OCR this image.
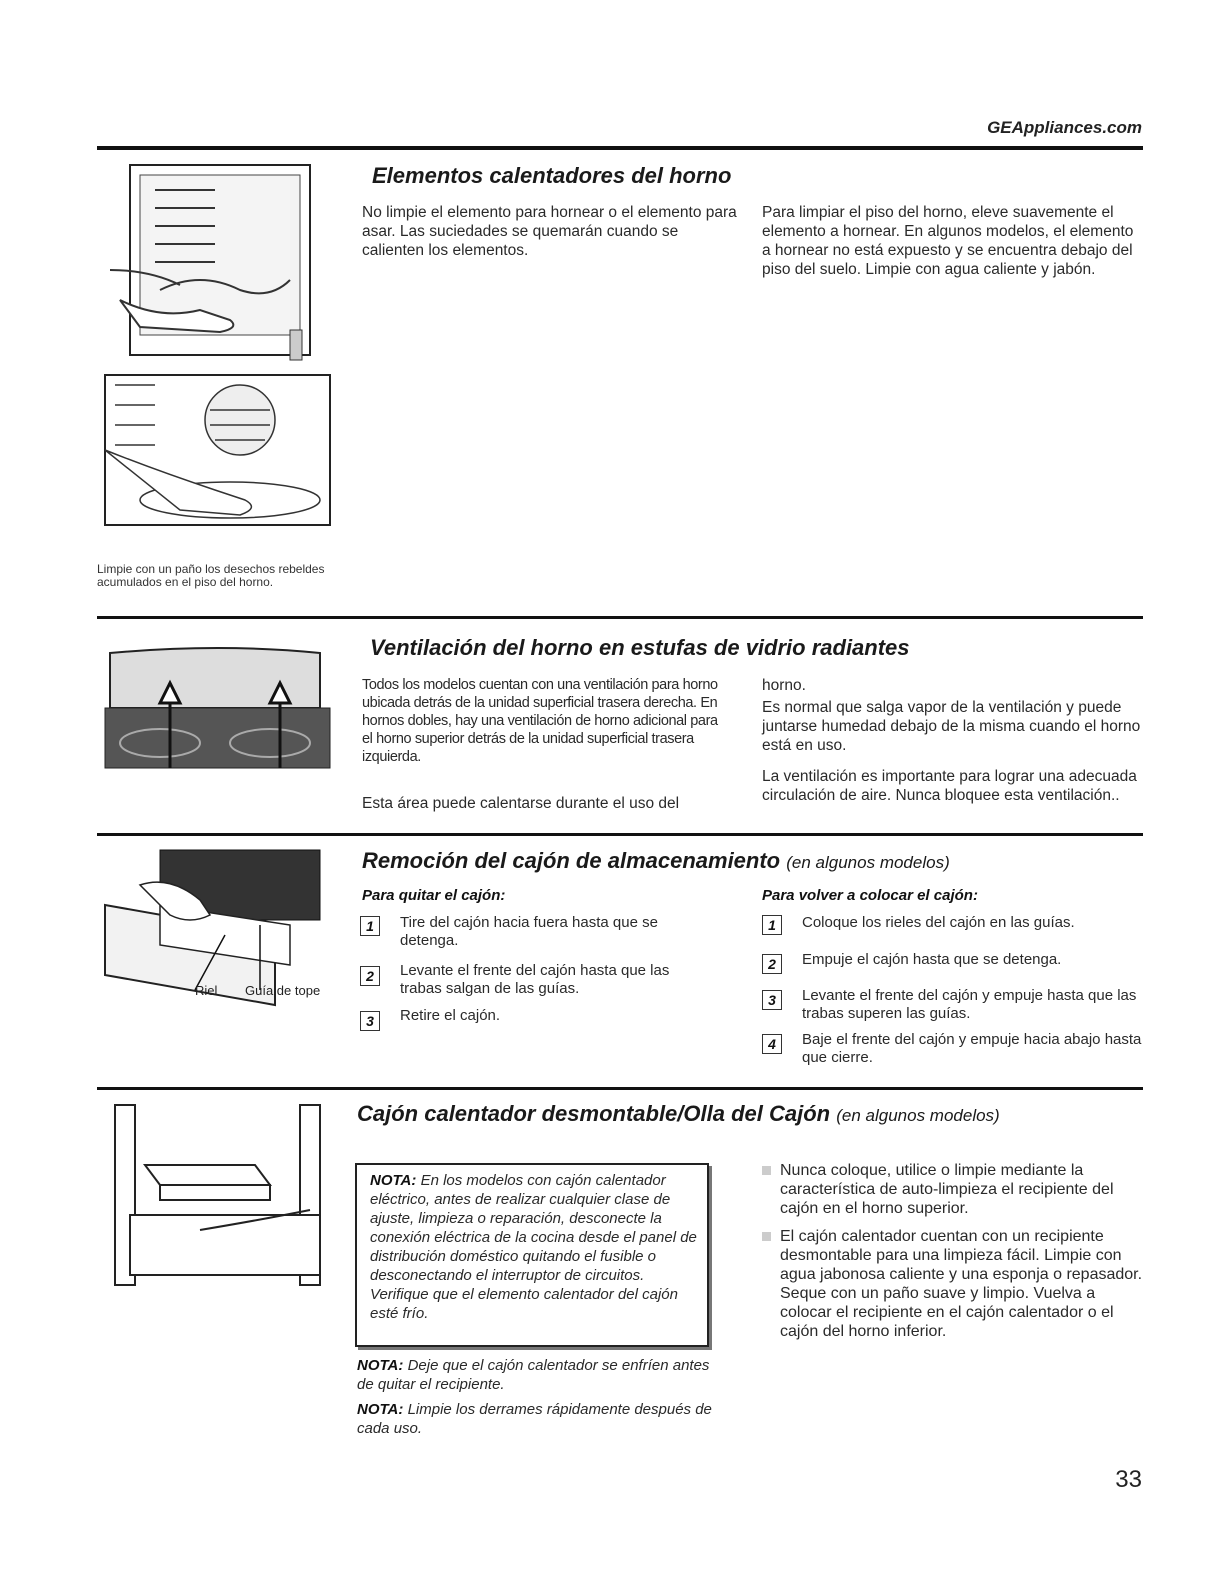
GEAppliances.com
Limpie con un paño los desechos rebeldes acumulados en el piso del horno.
Elementos calentadores del horno
No limpie el elemento para hornear o el elemento para asar. Las suciedades se quemarán cuando se calienten los elementos.
Para limpiar el piso del horno, eleve suavemente el elemento a hornear. En algunos modelos, el elemento a hornear no está expuesto y se encuentra debajo del piso del suelo. Limpie con agua caliente y jabón.
Ventilación del horno en estufas de vidrio radiantes
Todos los modelos cuentan con una ventilación para horno ubicada detrás de la unidad superficial trasera derecha. En hornos dobles, hay una ventilación de horno adicional para el horno superior detrás de la unidad superficial trasera izquierda.
Esta área puede calentarse durante el uso del
horno.
Es normal que salga vapor de la ventilación y puede juntarse humedad debajo de la misma cuando el horno está en uso.
La ventilación es importante para lograr una adecuada circulación de aire. Nunca bloquee esta ventilación..
Riel Guía de tope
Remoción del cajón de almacenamiento (en algunos modelos)
Para quitar el cajón:
1	Tire del cajón hacia fuera hasta que se detenga.
2	Levante el frente del cajón hasta que las trabas salgan de las guías.
3	Retire el cajón.
Para volver a colocar el cajón:
1	Coloque los rieles del cajón en las guías.
2	Empuje el cajón hasta que se detenga.
3	Levante el frente del cajón y empuje hasta que las trabas superen las guías.
4	Baje el frente del cajón y empuje hacia abajo hasta que cierre.
Cajón calentador desmontable/Olla del Cajón (en algunos modelos)
NOTA: En los modelos con cajón calentador eléctrico, antes de realizar cualquier clase de ajuste, limpieza o reparación, desconecte la conexión eléctrica de la cocina desde el panel de distribución doméstico quitando el fusible o desconectando el interruptor de circuitos. Verifique que el elemento calentador del cajón esté frío.
NOTA: Deje que el cajón calentador se enfríen antes de quitar el recipiente.
NOTA: Limpie los derrames rápidamente después de cada uso.
Nunca coloque, utilice o limpie mediante la característica de auto-limpieza el recipiente del cajón en el horno superior.
El cajón calentador cuentan con un recipiente desmontable para una limpieza fácil. Limpie con agua jabonosa caliente y una esponja o repasador. Seque con un paño suave y limpio. Vuelva a colocar el recipiente en el cajón calentador o el cajón del horno inferior.
33
